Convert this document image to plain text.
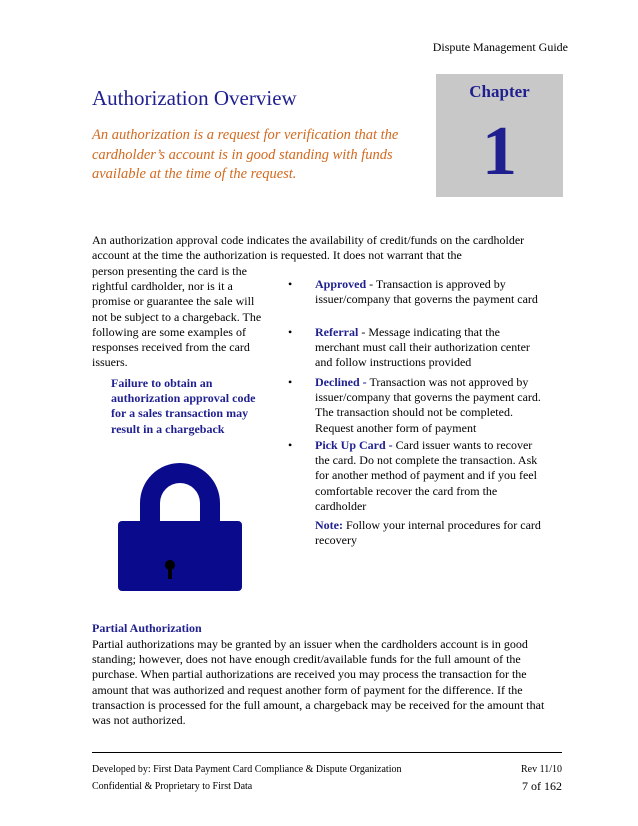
Dispute Management Guide
Authorization Overview
An authorization is a request for verification that the cardholder’s account is in good standing with funds available at the time of the request.
Chapter
1
An authorization approval code indicates the availability of credit/funds on the cardholder account at the time the authorization is requested. It does not warrant that the
person presenting the card is the rightful cardholder, nor is it a promise or guarantee the sale will not be subject to a chargeback. The following are some examples of responses received from the card issuers.
Failure to obtain an authorization approval code for a sales transaction may result in a chargeback
• Approved - Transaction is approved by issuer/company that governs the payment card
• Referral - Message indicating that the merchant must call their authorization center and follow instructions provided
• Declined - Transaction was not approved by issuer/company that governs the payment card. The transaction should not be completed. Request another form of payment
• Pick Up Card - Card issuer wants to recover the card. Do not complete the transaction. Ask for another method of payment and if you feel comfortable recover the card from the cardholder
Note: Follow your internal procedures for card recovery
Partial Authorization
Partial authorizations may be granted by an issuer when the cardholders account is in good standing; however, does not have enough credit/available funds for the full amount of the purchase. When partial authorizations are received you may process the transaction for the amount that was authorized and request another form of payment for the difference. If the transaction is processed for the full amount, a chargeback may be received for the amount that was not authorized.
Developed by: First Data Payment Card Compliance & Dispute Organization
Confidential & Proprietary to First Data
Rev 11/10
7 of 162
